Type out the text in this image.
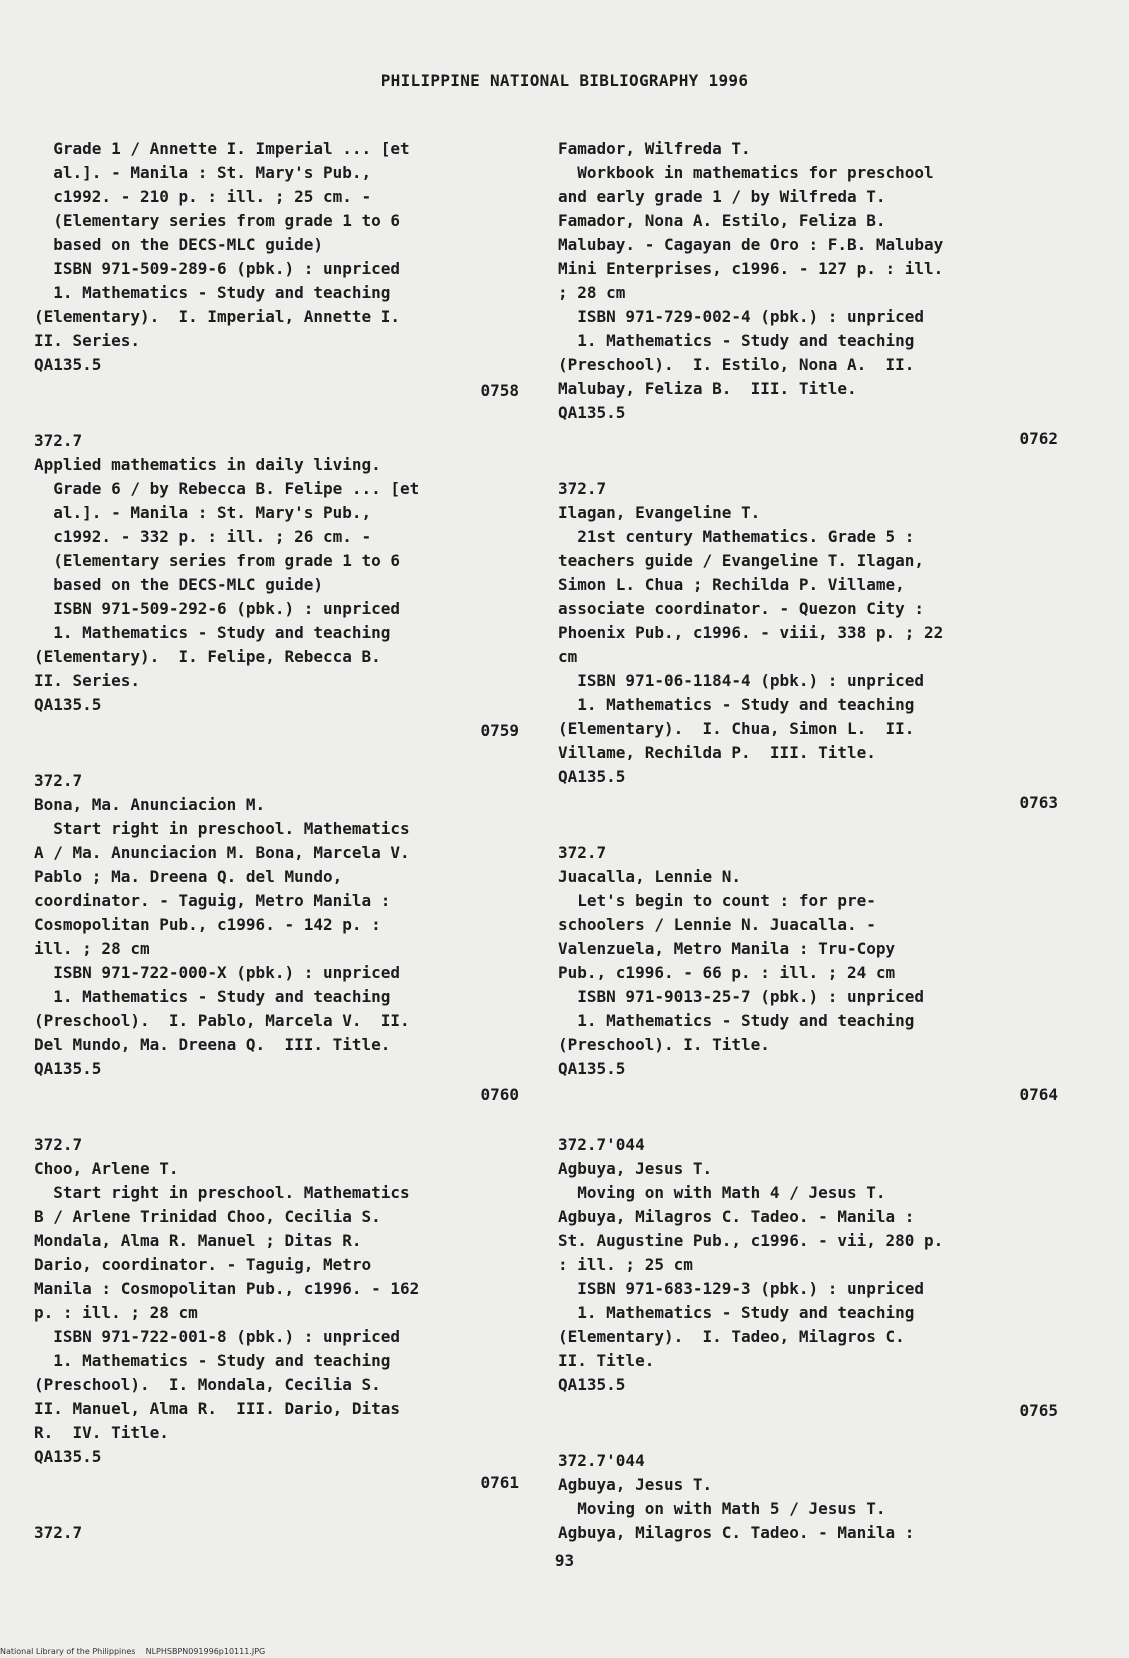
PHILIPPINE NATIONAL BIBLIOGRAPHY 1996
Grade 1 / Annette I. Imperial ... [et
al.]. - Manila : St. Mary's Pub.,
c1992. - 210 p. : ill. ; 25 cm. -
(Elementary series from grade 1 to 6
based on the DECS-MLC guide)
ISBN 971-509-289-6 (pbk.) : unpriced
1. Mathematics - Study and teaching
(Elementary).  I. Imperial, Annette I.
II. Series.
QA135.5
0758
372.7
Applied mathematics in daily living.
Grade 6 / by Rebecca B. Felipe ... [et
al.]. - Manila : St. Mary's Pub.,
c1992. - 332 p. : ill. ; 26 cm. -
(Elementary series from grade 1 to 6
based on the DECS-MLC guide)
ISBN 971-509-292-6 (pbk.) : unpriced
1. Mathematics - Study and teaching
(Elementary).  I. Felipe, Rebecca B.
II. Series.
QA135.5
0759
372.7
Bona, Ma. Anunciacion M.
Start right in preschool. Mathematics
A / Ma. Anunciacion M. Bona, Marcela V.
Pablo ; Ma. Dreena Q. del Mundo,
coordinator. - Taguig, Metro Manila :
Cosmopolitan Pub., c1996. - 142 p. :
ill. ; 28 cm
ISBN 971-722-000-X (pbk.) : unpriced
1. Mathematics - Study and teaching
(Preschool).  I. Pablo, Marcela V.  II.
Del Mundo, Ma. Dreena Q.  III. Title.
QA135.5
0760
372.7
Choo, Arlene T.
Start right in preschool. Mathematics
B / Arlene Trinidad Choo, Cecilia S.
Mondala, Alma R. Manuel ; Ditas R.
Dario, coordinator. - Taguig, Metro
Manila : Cosmopolitan Pub., c1996. - 162
p. : ill. ; 28 cm
ISBN 971-722-001-8 (pbk.) : unpriced
1. Mathematics - Study and teaching
(Preschool).  I. Mondala, Cecilia S.
II. Manuel, Alma R.  III. Dario, Ditas
R.  IV. Title.
QA135.5
0761
372.7
Famador, Wilfreda T.
Workbook in mathematics for preschool
and early grade 1 / by Wilfreda T.
Famador, Nona A. Estilo, Feliza B.
Malubay. - Cagayan de Oro : F.B. Malubay
Mini Enterprises, c1996. - 127 p. : ill.
; 28 cm
ISBN 971-729-002-4 (pbk.) : unpriced
1. Mathematics - Study and teaching
(Preschool).  I. Estilo, Nona A.  II.
Malubay, Feliza B.  III. Title.
QA135.5
0762
372.7
Ilagan, Evangeline T.
21st century Mathematics. Grade 5 :
teachers guide / Evangeline T. Ilagan,
Simon L. Chua ; Rechilda P. Villame,
associate coordinator. - Quezon City :
Phoenix Pub., c1996. - viii, 338 p. ; 22
cm
ISBN 971-06-1184-4 (pbk.) : unpriced
1. Mathematics - Study and teaching
(Elementary).  I. Chua, Simon L.  II.
Villame, Rechilda P.  III. Title.
QA135.5
0763
372.7
Juacalla, Lennie N.
Let's begin to count : for pre-
schoolers / Lennie N. Juacalla. -
Valenzuela, Metro Manila : Tru-Copy
Pub., c1996. - 66 p. : ill. ; 24 cm
ISBN 971-9013-25-7 (pbk.) : unpriced
1. Mathematics - Study and teaching
(Preschool). I. Title.
QA135.5
0764
372.7'044
Agbuya, Jesus T.
Moving on with Math 4 / Jesus T.
Agbuya, Milagros C. Tadeo. - Manila :
St. Augustine Pub., c1996. - vii, 280 p.
: ill. ; 25 cm
ISBN 971-683-129-3 (pbk.) : unpriced
1. Mathematics - Study and teaching
(Elementary).  I. Tadeo, Milagros C.
II. Title.
QA135.5
0765
372.7'044
Agbuya, Jesus T.
Moving on with Math 5 / Jesus T.
Agbuya, Milagros C. Tadeo. - Manila :
93
National Library of the Philippines    NLPHSBPN091996p10111.JPG
